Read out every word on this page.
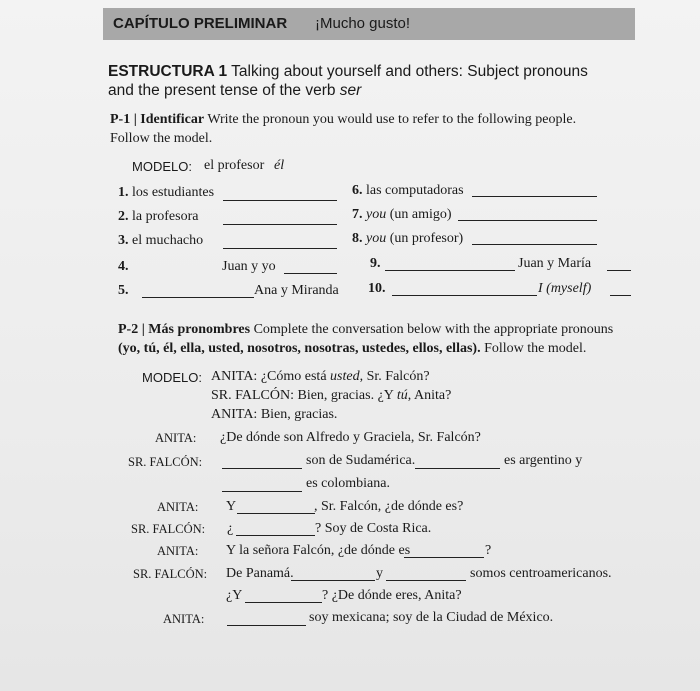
CAPÍTULO PRELIMINAR ¡Mucho gusto!
ESTRUCTURA 1 Talking about yourself and others: Subject pronouns
and the present tense of the verb ser
P-1 | Identificar Write the pronoun you would use to refer to the following people.
Follow the model.
MODELO: el profesor él
1. los estudiantes
2. la profesora
3. el muchacho
4.	Juan y yo
5.	Ana y Miranda
6. las computadoras
7. you (un amigo)
8. you (un profesor)
9.	Juan y María
10.	I (myself)
P-2 | Más pronombres Complete the conversation below with the appropriate pronouns
(yo, tú, él, ella, usted, nosotros, nosotras, ustedes, ellos, ellas). Follow the model.
MODELO: ANITA: ¿Cómo está usted, Sr. Falcón?
SR. FALCÓN: Bien, gracias. ¿Y tú, Anita?
ANITA: Bien, gracias.
ANITA: ¿De dónde son Alfredo y Graciela, Sr. Falcón?
SR. FALCÓN:	son de Sudamérica.	es argentino y
es colombiana.
ANITA: Y	, Sr. Falcón, ¿de dónde es?
SR. FALCÓN: ¿	? Soy de Costa Rica.
ANITA: Y la señora Falcón, ¿de dónde es	?
SR. FALCÓN: De Panamá.	y	somos centroamericanos.
¿Y	? ¿De dónde eres, Anita?
ANITA:	soy mexicana; soy de la Ciudad de México.
